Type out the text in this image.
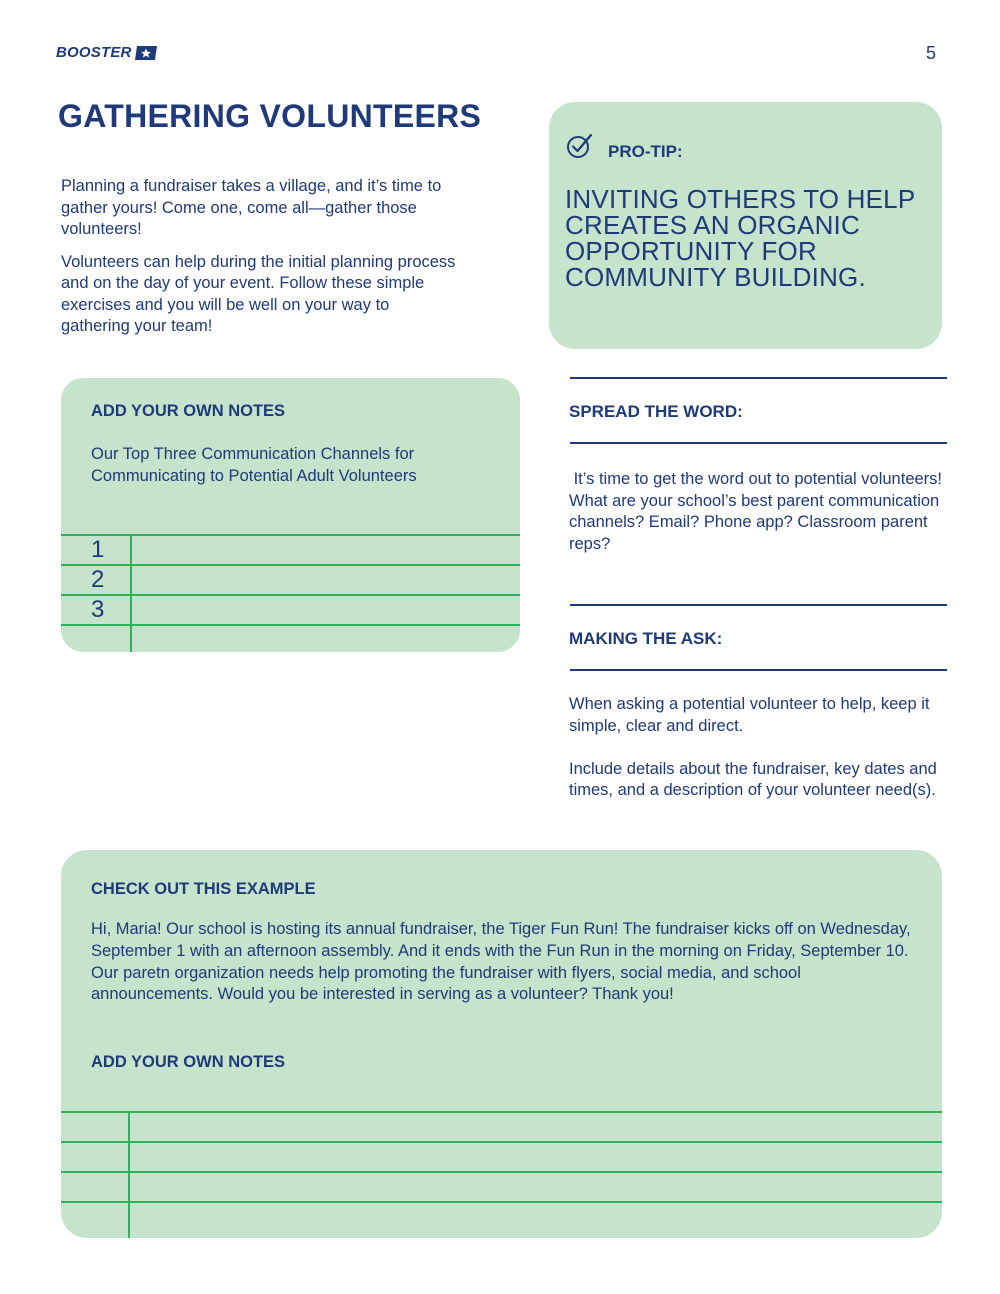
BOOSTER	5
GATHERING VOLUNTEERS

Planning a fundraiser takes a village, and it’s time to gather yours! Come one, come all—gather those volunteers!

Volunteers can help during the initial planning process and on the day of your event. Follow these simple exercises and you will be well on your way to gathering your team!

PRO-TIP:
INVITING OTHERS TO HELP CREATES AN ORGANIC OPPORTUNITY FOR COMMUNITY BUILDING.
ADD YOUR OWN NOTES
Our Top Three Communication Channels for Communicating to Potential Adult Volunteers
1
2
3
SPREAD THE WORD:
It’s time to get the word out to potential volunteers! What are your school’s best parent communication channels? Email? Phone app? Classroom parent reps?
MAKING THE ASK:

When asking a potential volunteer to help, keep it simple, clear and direct.

Include details about the fundraiser, key dates and times, and a description of your volunteer need(s).

CHECK OUT THIS EXAMPLE
Hi, Maria! Our school is hosting its annual fundraiser, the Tiger Fun Run! The fundraiser kicks off on Wednesday, September 1 with an afternoon assembly. And it ends with the Fun Run in the morning on Friday, September 10. Our paretn organization needs help promoting the fundraiser with flyers, social media, and school announcements. Would you be interested in serving as a volunteer? Thank you!
ADD YOUR OWN NOTES
